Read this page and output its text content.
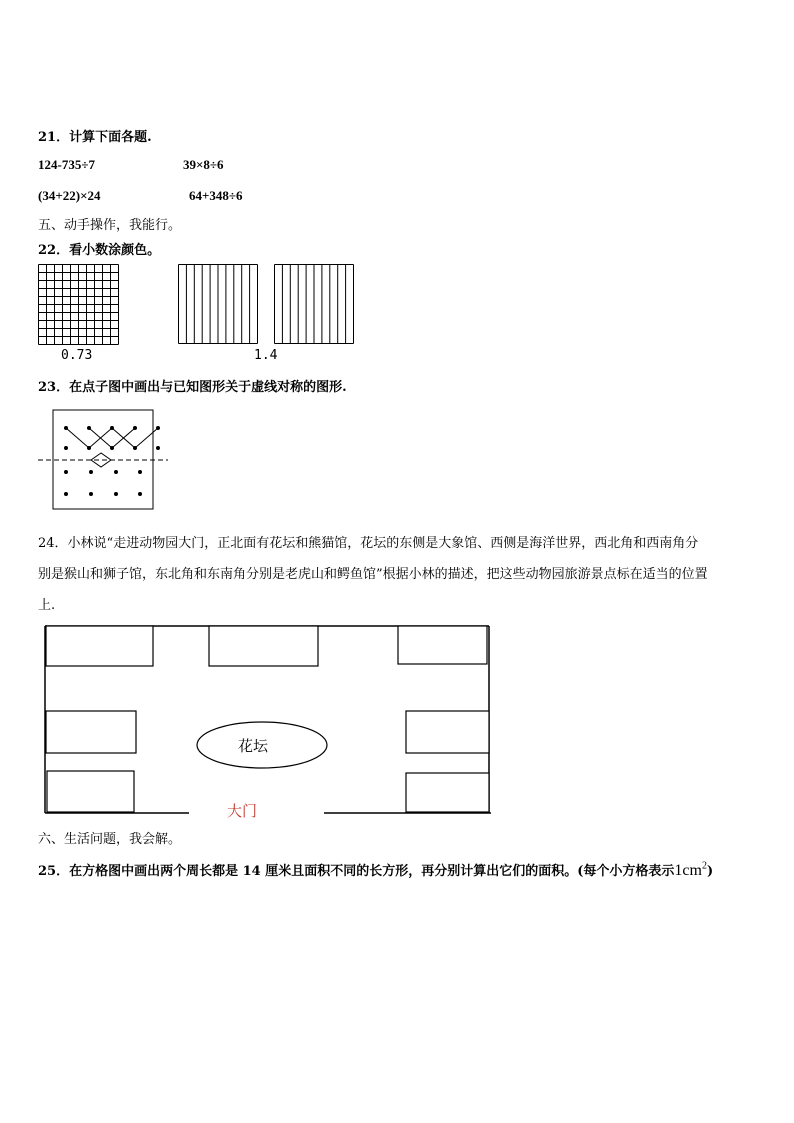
21．计算下面各题.
124-735÷7	39×8÷6
(34+22)×24	64+348÷6
五、动手操作，我能行。
22．看小数涂颜色。
0.73	1.4
23．在点子图中画出与已知图形关于虚线对称的图形.
24．小林说“走进动物园大门，正北面有花坛和熊猫馆，花坛的东侧是大象馆、西侧是海洋世界，西北角和西南角分
别是猴山和狮子馆，东北角和东南角分别是老虎山和鳄鱼馆”根据小林的描述，把这些动物园旅游景点标在适当的位置
上.
花坛
大门
六、生活问题，我会解。
25．在方格图中画出两个周长都是 14 厘米且面积不同的长方形，再分别计算出它们的面积。(每个小方格表示$1cm^2$)
